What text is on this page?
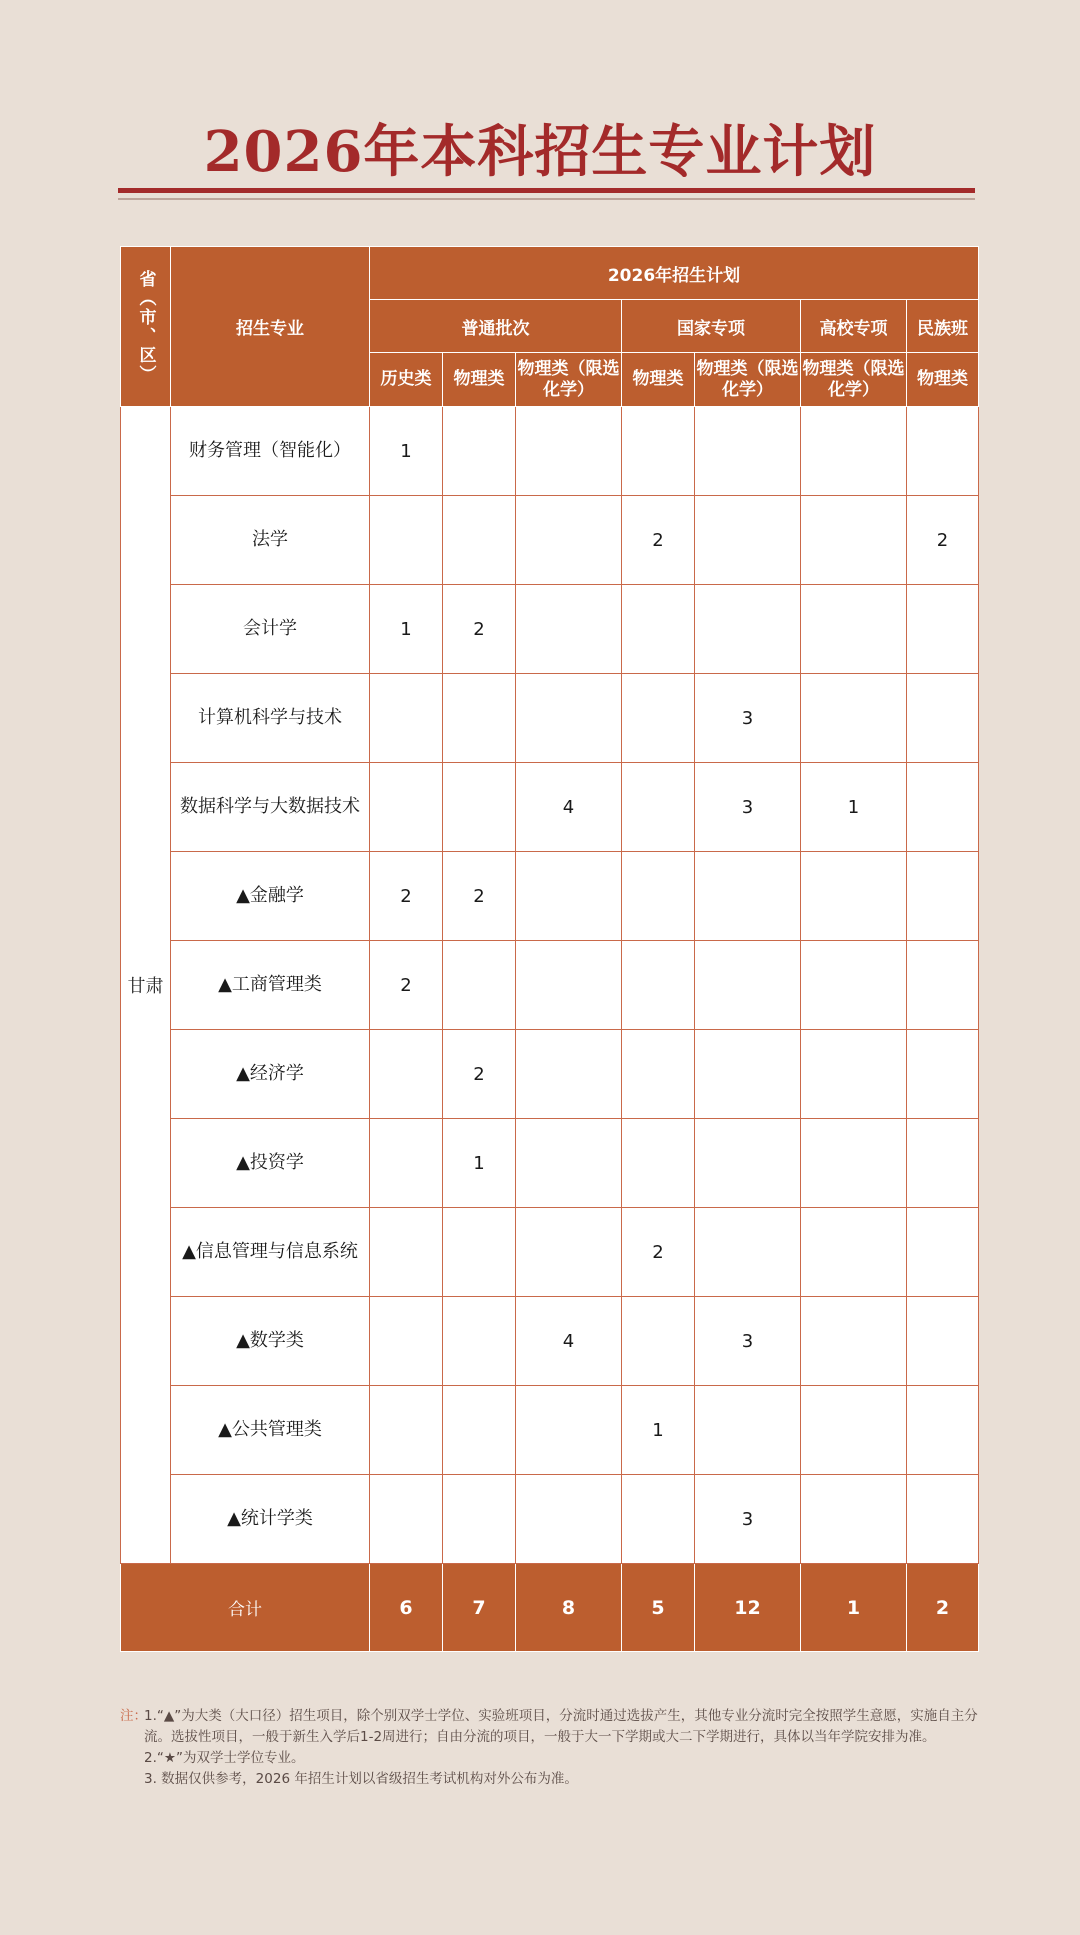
2026年本科招生专业计划
省（市、区）	招生专业	2026年招生计划						
		普通批次			国家专项		高校专项	民族班
		历史类	物理类	物理类（限选化学）	物理类	物理类（限选化学）	物理类（限选化学）	物理类
甘肃	财务管理（智能化）	1						
	法学				2			2
	会计学	1	2					
	计算机科学与技术					3		
	数据科学与大数据技术			4		3	1	
	▲金融学	2	2					
	▲工商管理类	2						
	▲经济学		2					
	▲投资学		1					
	▲信息管理与信息系统				2			
	▲数学类			4		3		
	▲公共管理类				1			
	▲统计学类					3		
合计		6	7	8	5	12	1	2
注：
1.“▲”为大类（大口径）招生项目，除个别双学士学位、实验班项目，分流时通过选拔产生，其他专业分流时完全按照学生意愿，实施自主分流。选拔性项目，一般于新生入学后1-2周进行；自由分流的项目，一般于大一下学期或大二下学期进行，具体以当年学院安排为准。
2.“★”为双学士学位专业。
3. 数据仅供参考，2026 年招生计划以省级招生考试机构对外公布为准。
